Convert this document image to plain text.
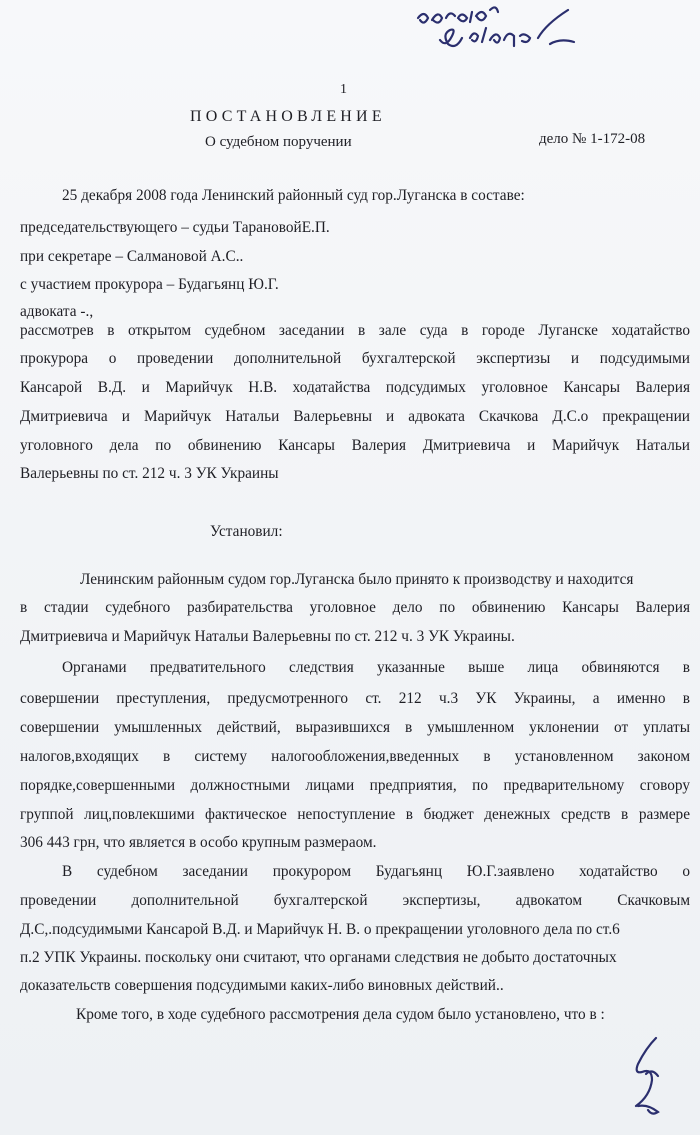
1
ПОСТАНОВЛЕНИЕ
О судебном поручении	дело № 1-172-08
25 декабря 2008 года Ленинский районный суд гор.Луганска в составе:
председательствующего – судьи ТарановойЕ.П.
при секретаре – Салмановой А.С..
с участием прокурора – Будагьянц Ю.Г.
адвоката -.,
рассмотрев в открытом судебном заседании в зале суда в городе Луганске ходатайство
прокурора о проведении дополнительной бухгалтерской экспертизы и подсудимыми
Кансарой В.Д. и Марийчук Н.В. ходатайства подсудимых уголовное Кансары Валерия
Дмитриевича и Марийчук Натальи Валерьевны и адвоката Скачкова Д.С.о прекращении
уголовного дела по обвинению Кансары Валерия Дмитриевича и Марийчук Натальи
Валерьевны по ст. 212 ч. 3 УК Украины
Установил:
Ленинским районным судом гор.Луганска было принято к производству и находится
в стадии судебного разбирательства уголовное дело по обвинению Кансары Валерия
Дмитриевича и Марийчук Натальи Валерьевны по ст. 212 ч. 3 УК Украины.
Органами предватительного следствия указанные выше лица обвиняются в
совершении преступления, предусмотренного ст. 212 ч.3 УК Украины, а именно в
совершении умышленных действий, выразившихся в умышленном уклонении от уплаты
налогов,входящих в систему налогообложения,введенных в установленном законом
порядке,совершенными должностными лицами предприятия, по предварительному сговору
группой лиц,повлекшими фактическое непоступление в бюджет денежных средств в размере
306 443 грн, что является в особо крупным размераом.
В судебном заседании прокурором Будагьянц Ю.Г.заявлено ходатайство о
проведении дополнительной бухгалтерской экспертизы, адвокатом Скачковым
Д.С,.подсудимыми Кансарой В.Д. и Марийчук Н. В. о прекращении уголовного дела по ст.6
п.2 УПК Украины. поскольку они считают, что органами следствия не добыто достаточных
доказательств совершения подсудимыми каких-либо виновных действий..
Кроме того, в ходе судебного рассмотрения дела судом было установлено, что в :
